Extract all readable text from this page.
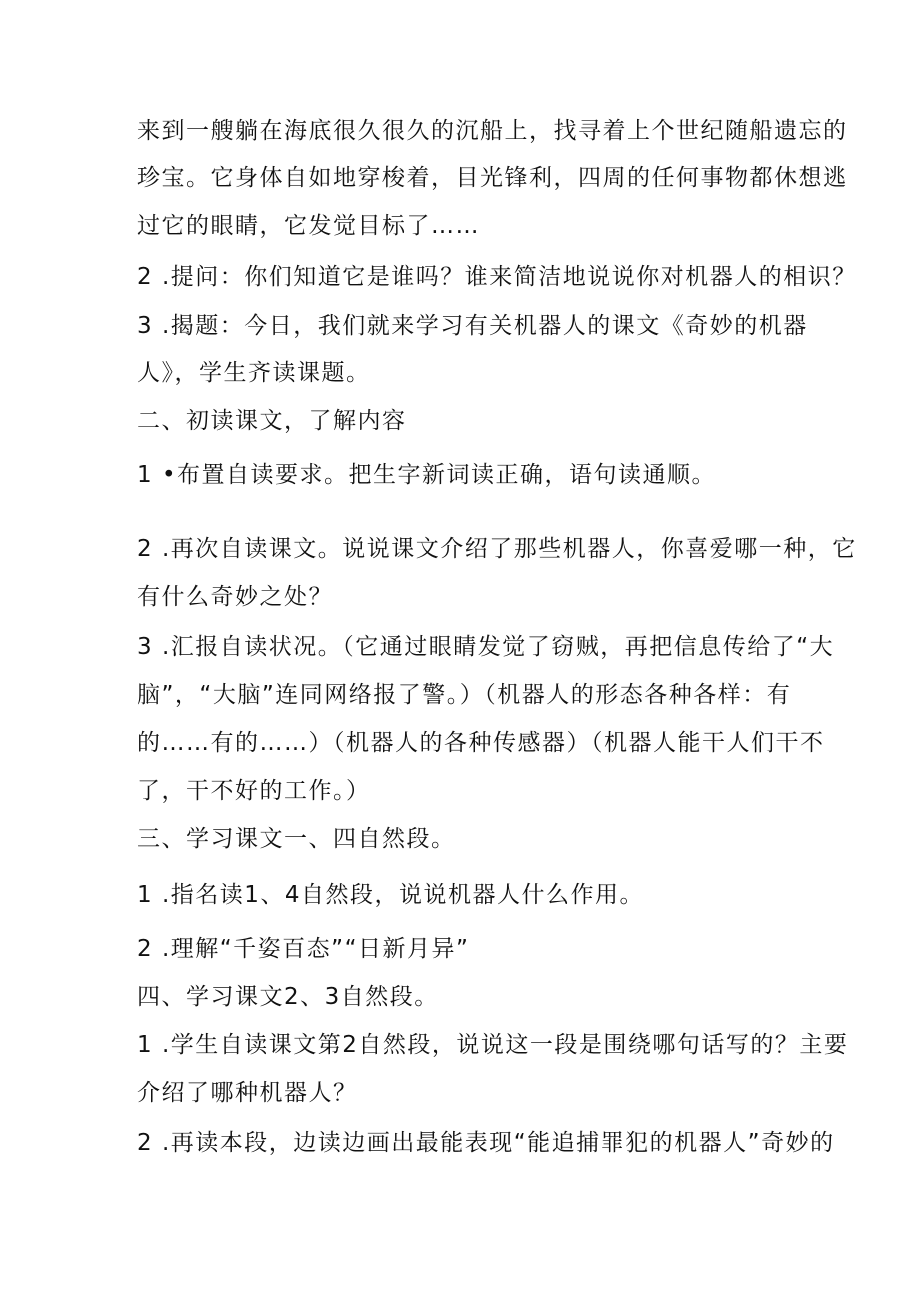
来到一艘躺在海底很久很久的沉船上，找寻着上个世纪随船遗忘的
珍宝。它身体自如地穿梭着，目光锋利，四周的任何事物都休想逃
过它的眼睛，它发觉目标了……
2 .提问：你们知道它是谁吗？谁来简洁地说说你对机器人的相识？
3 .揭题：今日，我们就来学习有关机器人的课文《奇妙的机器
人》，学生齐读课题。
二、初读课文，了解内容
1 •布置自读要求。把生字新词读正确，语句读通顺。
2 .再次自读课文。说说课文介绍了那些机器人，你喜爱哪一种，它
有什么奇妙之处？
3 .汇报自读状况。（它通过眼睛发觉了窃贼，再把信息传给了“大
脑”，“大脑”连同网络报了警。）（机器人的形态各种各样：有
的……有的……）（机器人的各种传感器）（机器人能干人们干不
了，干不好的工作。）
三、学习课文一、四自然段。
1 .指名读1、4自然段，说说机器人什么作用。
2 .理解“千姿百态”“日新月异”
四、学习课文2、3自然段。
1 .学生自读课文第2自然段，说说这一段是围绕哪句话写的？主要
介绍了哪种机器人？
2 .再读本段，边读边画出最能表现“能追捕罪犯的机器人”奇妙的
